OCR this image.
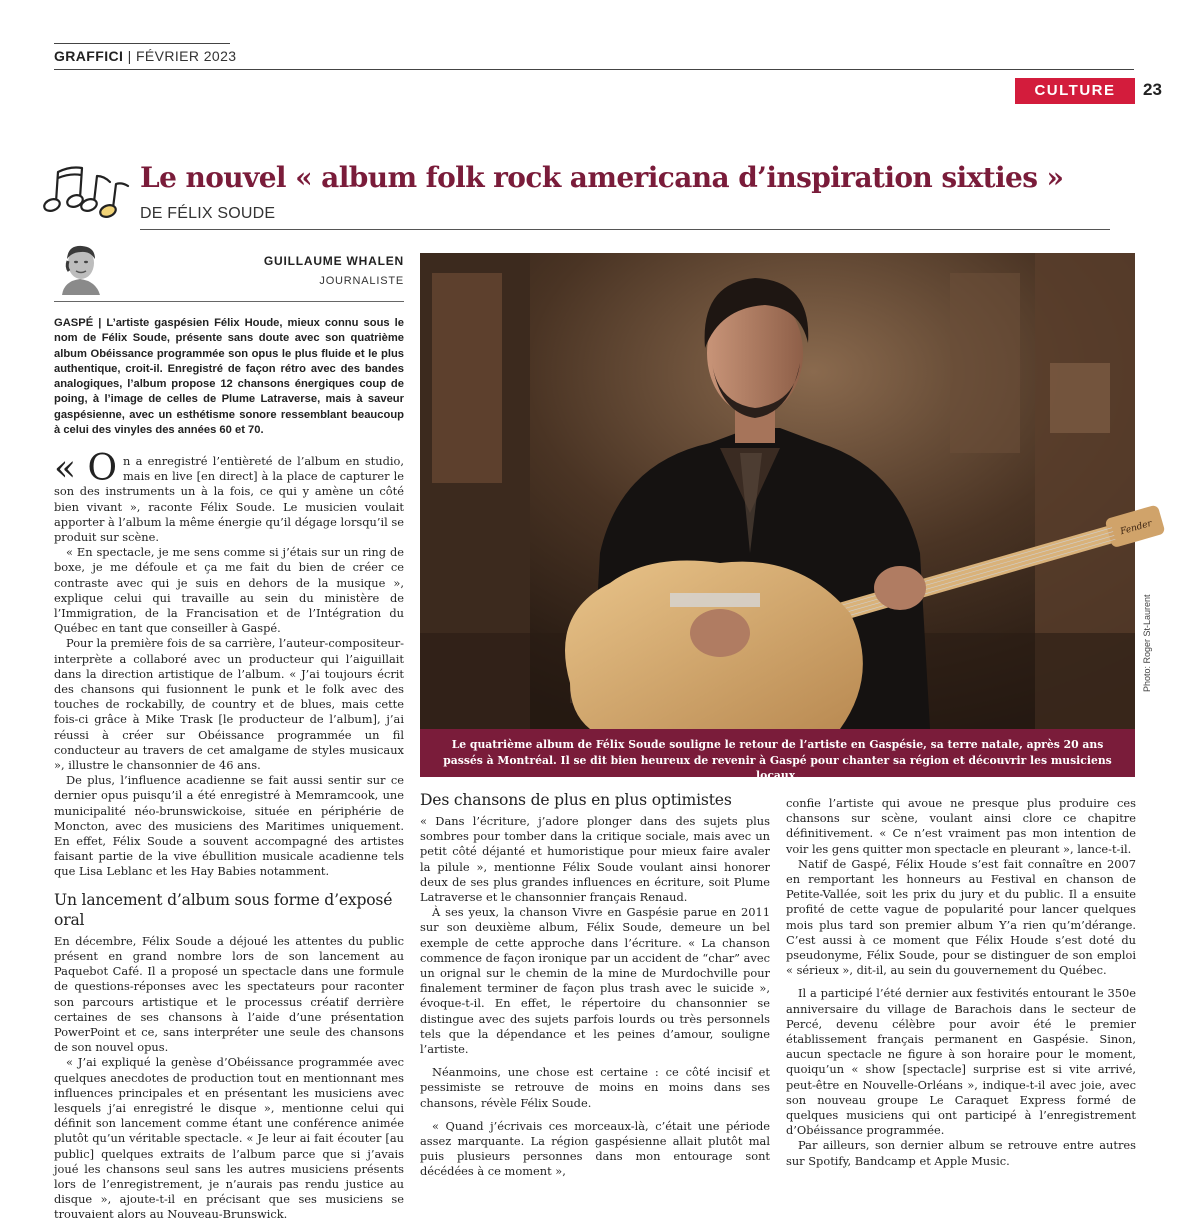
GRAFFICI | FÉVRIER 2023
CULTURE	23
Le nouvel « album folk rock americana d’inspiration sixties »
DE FÉLIX SOUDE
GUILLAUME WHALEN
JOURNALISTE
GASPÉ | L’artiste gaspésien Félix Houde, mieux connu sous le nom de Félix Soude, présente sans doute avec son quatrième album Obéissance programmée son opus le plus fluide et le plus authentique, croit-il. Enregistré de façon rétro avec des bandes analogiques, l’album propose 12 chansons énergiques coup de poing, à l’image de celles de Plume Latraverse, mais à saveur gaspésienne, avec un esthétisme sonore ressemblant beaucoup à celui des vinyles des années 60 et 70.

« O n a enregistré l’entièreté de l’album en studio, mais en live [en direct] à la place de capturer le son des instruments un à la fois, ce qui y amène un côté bien vivant », raconte Félix Soude. Le musicien voulait apporter à l’album la même énergie qu’il dégage lorsqu’il se produit sur scène.

« En spectacle, je me sens comme si j’étais sur un ring de boxe, je me défoule et ça me fait du bien de créer ce contraste avec qui je suis en dehors de la musique », explique celui qui travaille au sein du ministère de l’Immigration, de la Francisation et de l’Intégration du Québec en tant que conseiller à Gaspé.

Pour la première fois de sa carrière, l’auteur-compositeur-interprète a collaboré avec un producteur qui l’aiguillait dans la direction artistique de l’album. « J’ai toujours écrit des chansons qui fusionnent le punk et le folk avec des touches de rockabilly, de country et de blues, mais cette fois-ci grâce à Mike Trask [le producteur de l’album], j’ai réussi à créer sur Obéissance programmée un fil conducteur au travers de cet amalgame de styles musicaux », illustre le chansonnier de 46 ans.

De plus, l’influence acadienne se fait aussi sentir sur ce dernier opus puisqu’il a été enregistré à Memramcook, une municipalité néo-brunswickoise, située en périphérie de Moncton, avec des musiciens des Maritimes uniquement. En effet, Félix Soude a souvent accompagné des artistes faisant partie de la vive ébullition musicale acadienne tels que Lisa Leblanc et les Hay Babies notamment.

Un lancement d’album sous forme d’exposé oral

En décembre, Félix Soude a déjoué les attentes du public présent en grand nombre lors de son lancement au Paquebot Café. Il a proposé un spectacle dans une formule de questions-réponses avec les spectateurs pour raconter son parcours artistique et le processus créatif derrière certaines de ses chansons à l’aide d’une présentation PowerPoint et ce, sans interpréter une seule des chansons de son nouvel opus.

« J’ai expliqué la genèse d’Obéissance programmée avec quelques anecdotes de production tout en mentionnant mes influences principales et en présentant les musiciens avec lesquels j’ai enregistré le disque », mentionne celui qui définit son lancement comme étant une conférence animée plutôt qu’un véritable spectacle. « Je leur ai fait écouter [au public] quelques extraits de l’album parce que si j’avais joué les chansons seul sans les autres musiciens présents lors de l’enregistrement, je n’aurais pas rendu justice au disque », ajoute-t-il en précisant que ses musiciens se trouvaient alors au Nouveau-Brunswick.

Fender
Le quatrième album de Félix Soude souligne le retour de l’artiste en Gaspésie, sa terre natale, après 20 ans passés à Montréal. Il se dit bien heureux de revenir à Gaspé pour chanter sa région et découvrir les musiciens locaux.
Photo: Roger St-Laurent
Des chansons de plus en plus optimistes

« Dans l’écriture, j’adore plonger dans des sujets plus sombres pour tomber dans la critique sociale, mais avec un petit côté déjanté et humoristique pour mieux faire avaler la pilule », mentionne Félix Soude voulant ainsi honorer deux de ses plus grandes influences en écriture, soit Plume Latraverse et le chansonnier français Renaud.

À ses yeux, la chanson Vivre en Gaspésie parue en 2011 sur son deuxième album, Félix Soude, demeure un bel exemple de cette approche dans l’écriture. « La chanson commence de façon ironique par un accident de “char” avec un orignal sur le chemin de la mine de Murdochville pour finalement terminer de façon plus trash avec le suicide », évoque-t-il. En effet, le répertoire du chansonnier se distingue avec des sujets parfois lourds ou très personnels tels que la dépendance et les peines d’amour, souligne l’artiste.

Néanmoins, une chose est certaine : ce côté incisif et pessimiste se retrouve de moins en moins dans ses chansons, révèle Félix Soude.

« Quand j’écrivais ces morceaux-là, c’était une période assez marquante. La région gaspésienne allait plutôt mal puis plusieurs personnes dans mon entourage sont décédées à ce moment »,

confie l’artiste qui avoue ne presque plus produire ces chansons sur scène, voulant ainsi clore ce chapitre définitivement. « Ce n’est vraiment pas mon intention de voir les gens quitter mon spectacle en pleurant », lance-t-il.

Natif de Gaspé, Félix Houde s’est fait connaître en 2007 en remportant les honneurs au Festival en chanson de Petite-Vallée, soit les prix du jury et du public. Il a ensuite profité de cette vague de popularité pour lancer quelques mois plus tard son premier album Y’a rien qu’m’dérange. C’est aussi à ce moment que Félix Houde s’est doté du pseudonyme, Félix Soude, pour se distinguer de son emploi « sérieux », dit-il, au sein du gouvernement du Québec.

Il a participé l’été dernier aux festivités entourant le 350e anniversaire du village de Barachois dans le secteur de Percé, devenu célèbre pour avoir été le premier établissement français permanent en Gaspésie. Sinon, aucun spectacle ne figure à son horaire pour le moment, quoiqu’un « show [spectacle] surprise est si vite arrivé, peut-être en Nouvelle-Orléans », indique-t-il avec joie, avec son nouveau groupe Le Caraquet Express formé de quelques musiciens qui ont participé à l’enregistrement d’Obéissance programmée.

Par ailleurs, son dernier album se retrouve entre autres sur Spotify, Bandcamp et Apple Music.
